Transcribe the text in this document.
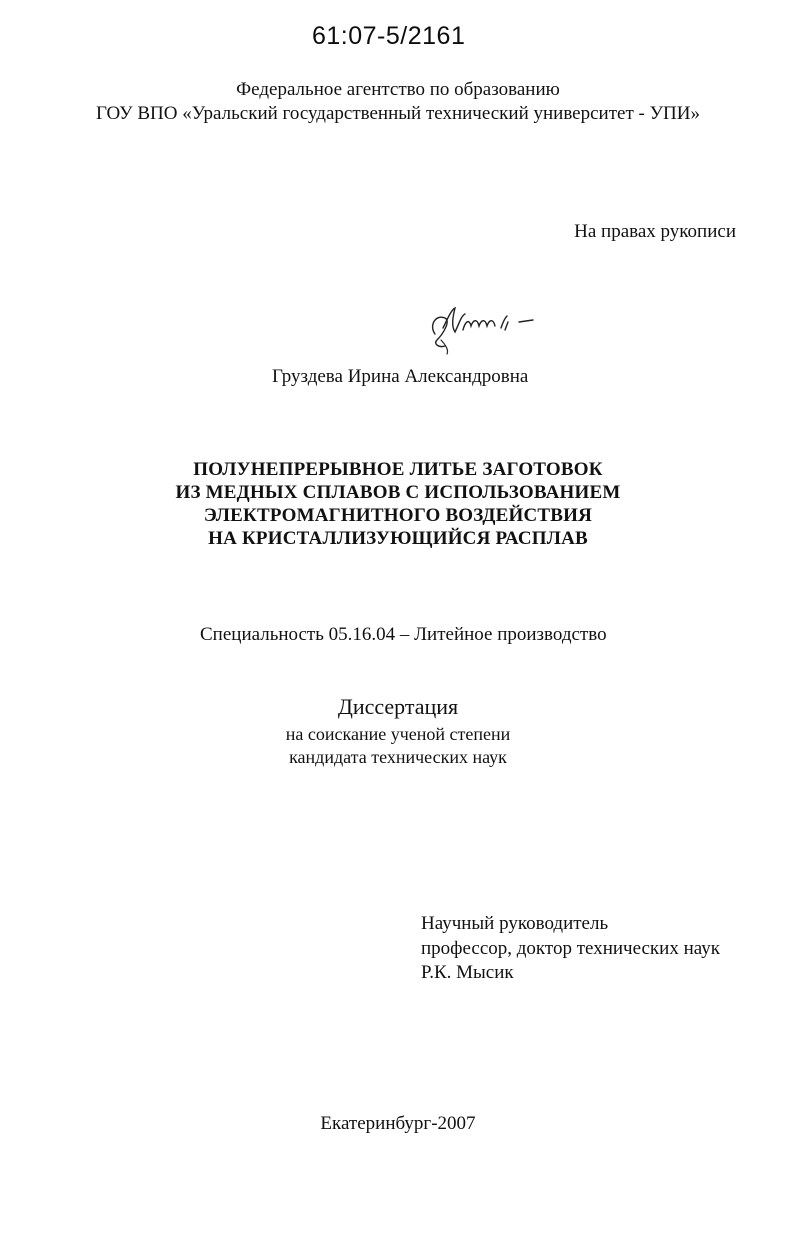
61:07-5/2161
Федеральное агентство по образованию
ГОУ ВПО «Уральский государственный технический университет - УПИ»
На правах рукописи
Груздева Ирина Александровна
ПОЛУНЕПРЕРЫВНОЕ ЛИТЬЕ ЗАГОТОВОК
ИЗ МЕДНЫХ СПЛАВОВ С ИСПОЛЬЗОВАНИЕМ
ЭЛЕКТРОМАГНИТНОГО ВОЗДЕЙСТВИЯ
НА КРИСТАЛЛИЗУЮЩИЙСЯ РАСПЛАВ
Специальность 05.16.04 – Литейное производство
Диссертация
на соискание ученой степени
кандидата технических наук
Научный руководитель
профессор, доктор технических наук
Р.К. Мысик
Екатеринбург-2007
